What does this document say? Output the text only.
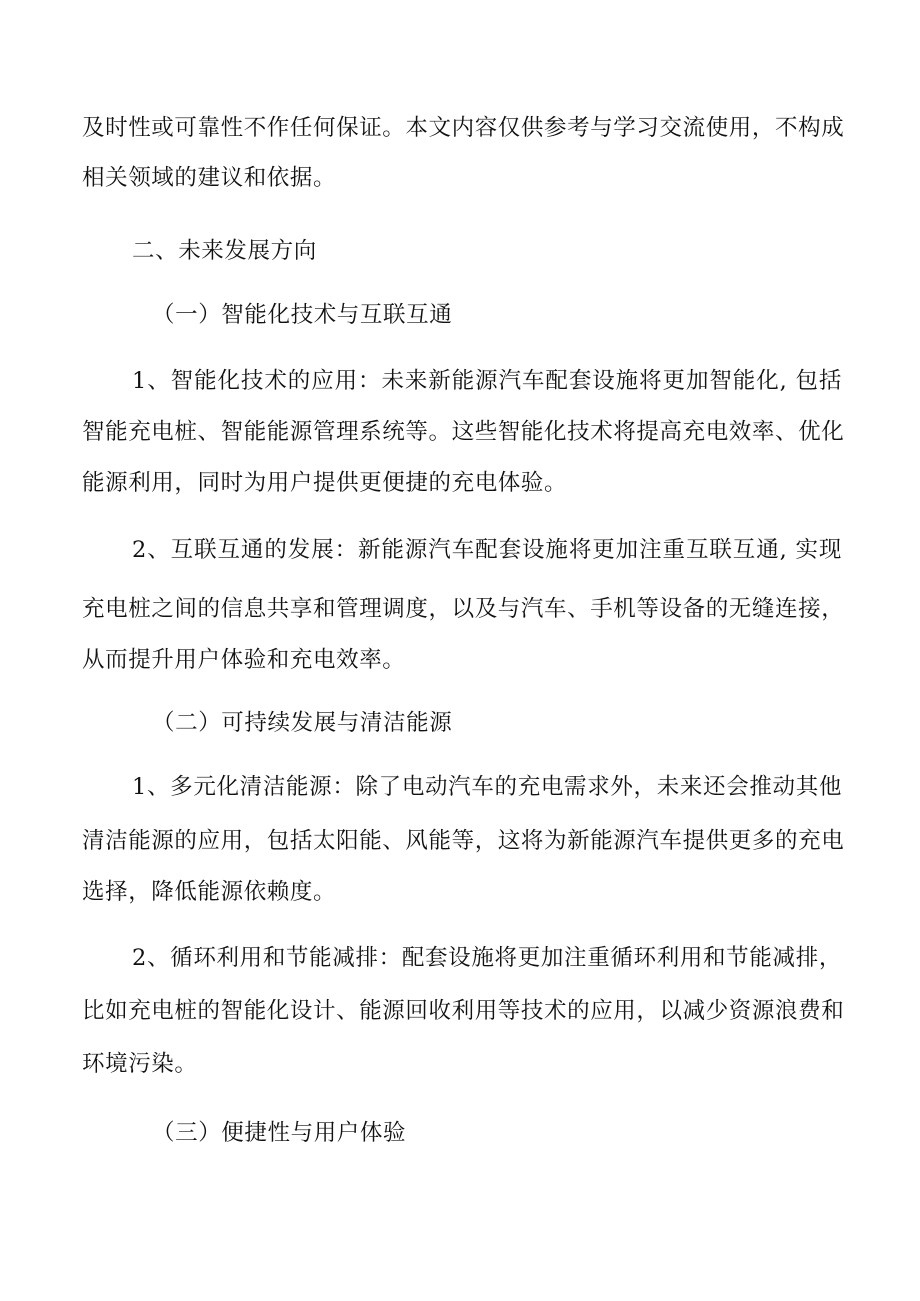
及时性或可靠性不作任何保证。本文内容仅供参考与学习交流使用，不构成
相关领域的建议和依据。
二、未来发展方向
（一）智能化技术与互联互通
1、智能化技术的应用：未来新能源汽车配套设施将更加智能化, 包括
智能充电桩、智能能源管理系统等。这些智能化技术将提高充电效率、优化
能源利用，同时为用户提供更便捷的充电体验。
2、互联互通的发展：新能源汽车配套设施将更加注重互联互通, 实现
充电桩之间的信息共享和管理调度，以及与汽车、手机等设备的无缝连接，
从而提升用户体验和充电效率。
（二）可持续发展与清洁能源
1、多元化清洁能源：除了电动汽车的充电需求外，未来还会推动其他
清洁能源的应用，包括太阳能、风能等，这将为新能源汽车提供更多的充电
选择，降低能源依赖度。
2、循环利用和节能减排：配套设施将更加注重循环利用和节能减排，
比如充电桩的智能化设计、能源回收利用等技术的应用，以减少资源浪费和
环境污染。
（三）便捷性与用户体验
